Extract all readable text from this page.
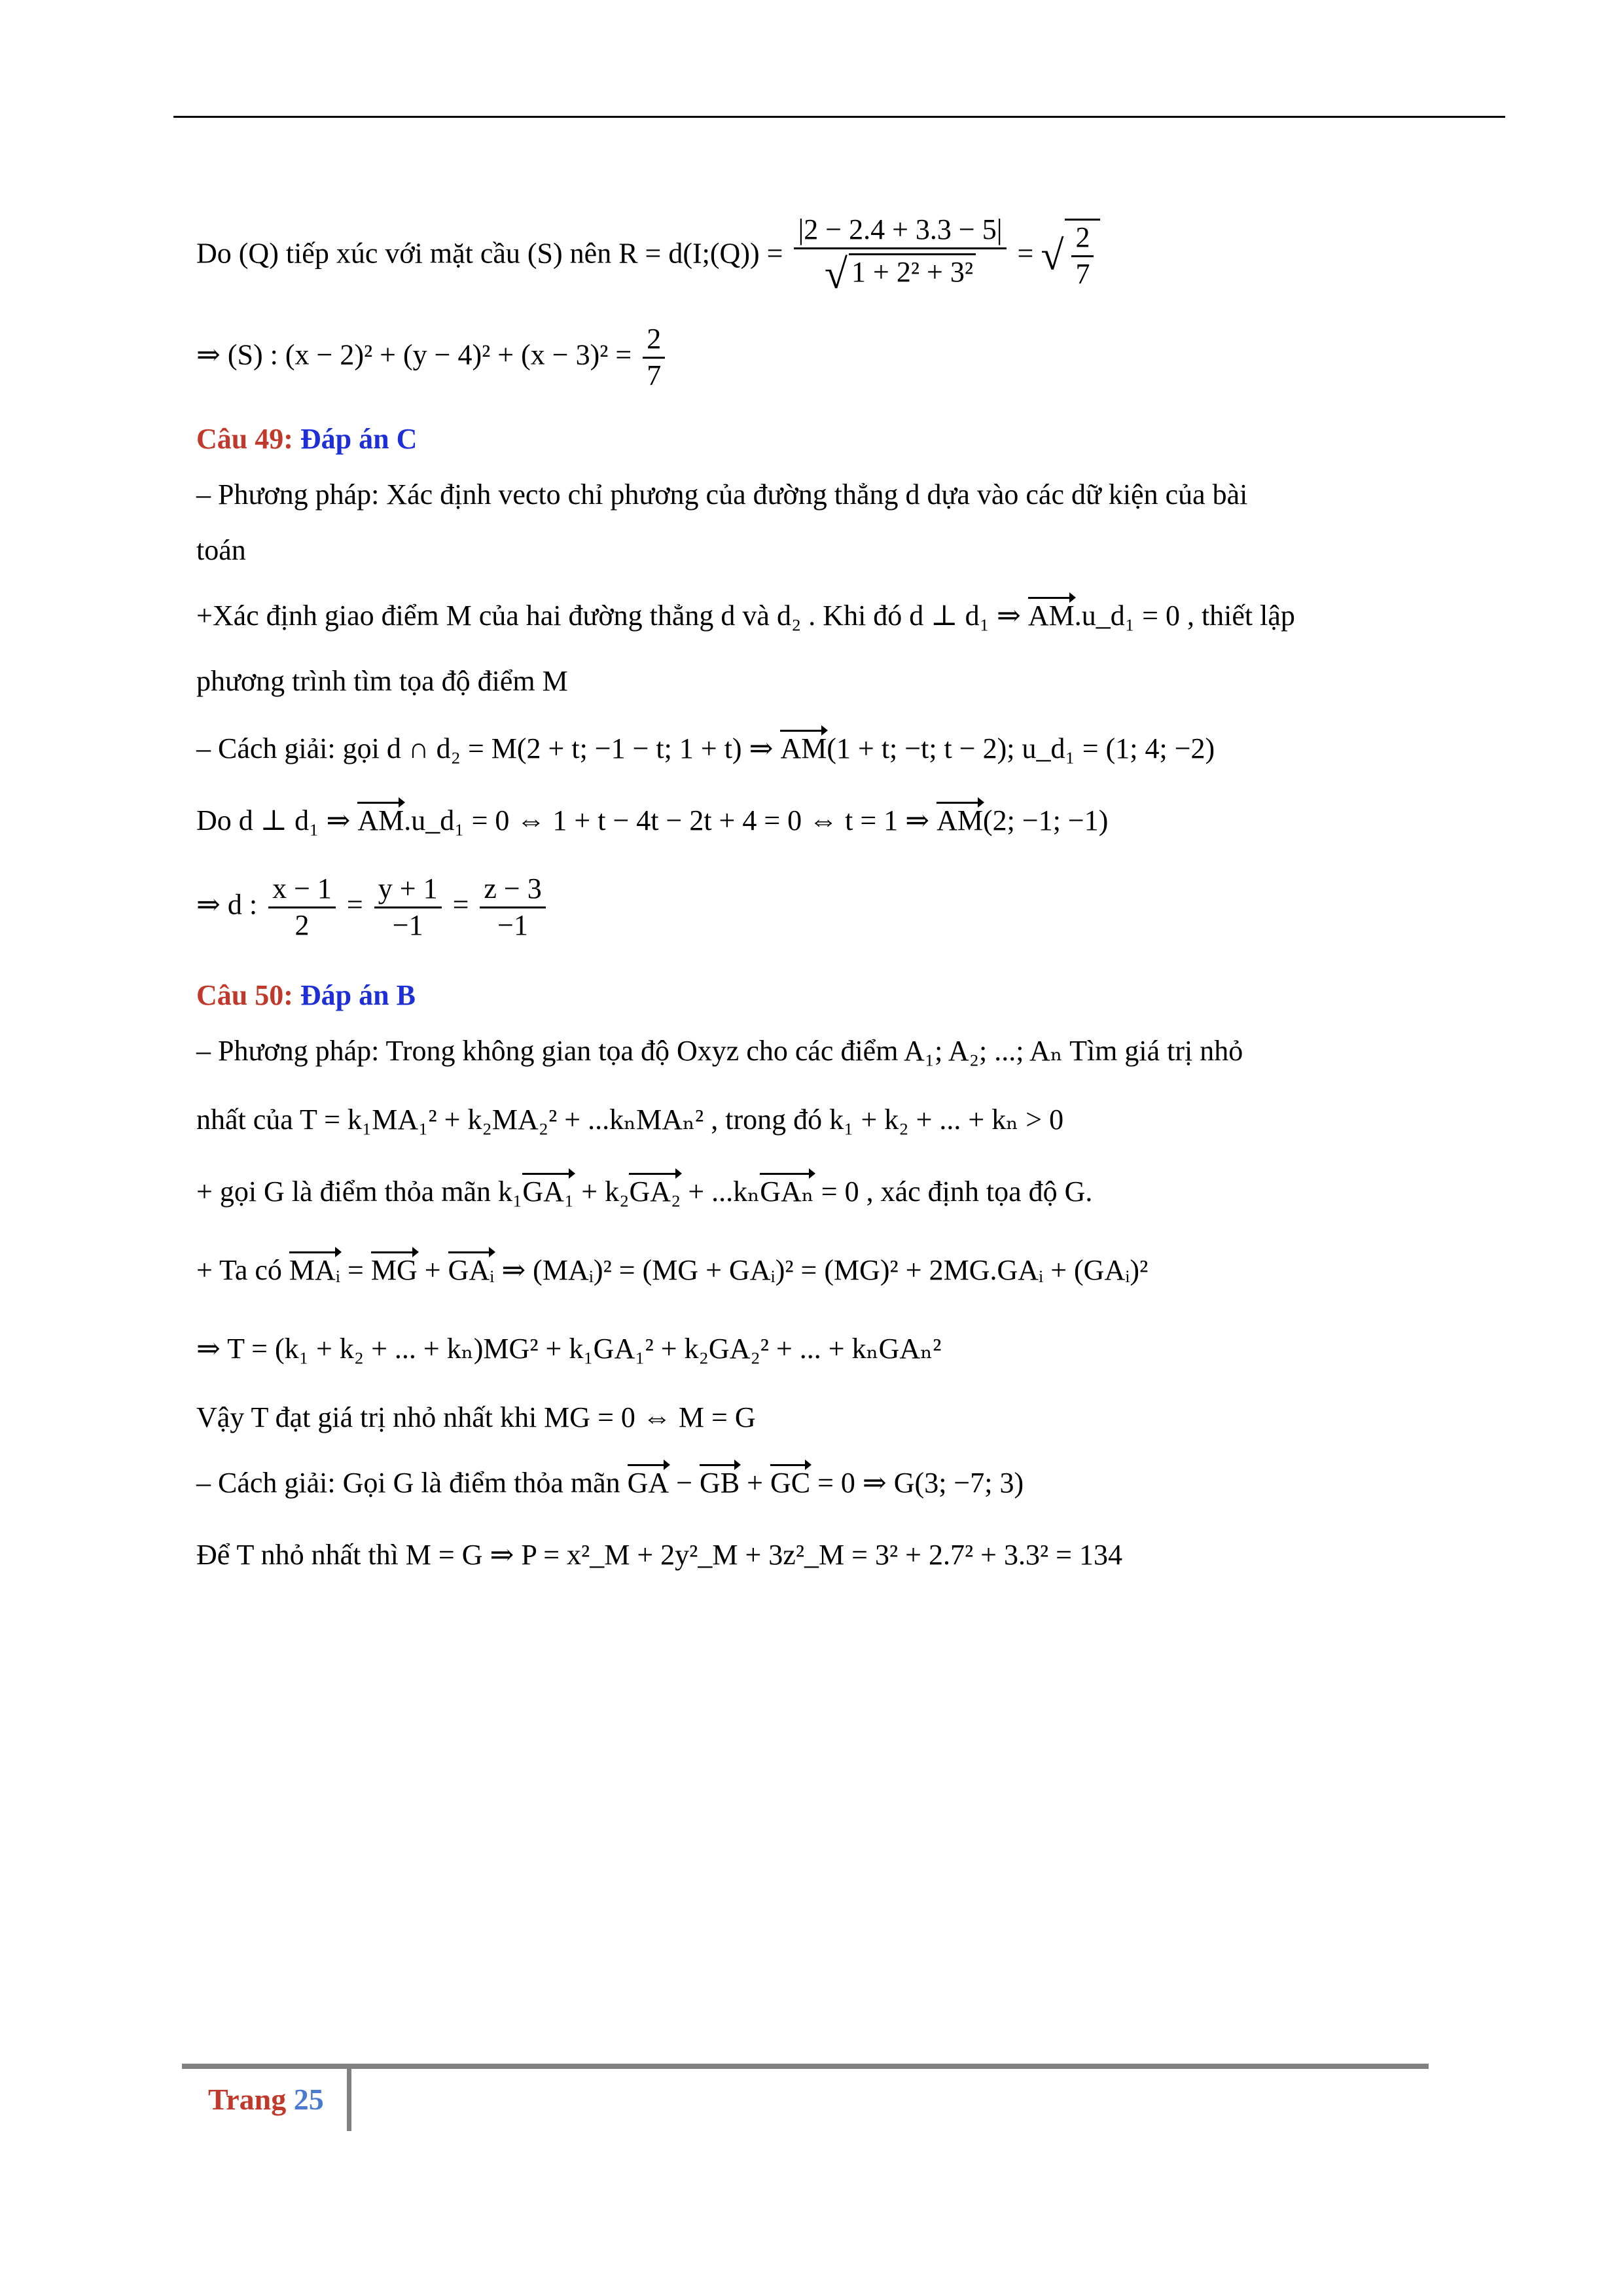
Do (Q) tiếp xúc với mặt cầu (S) nên R = d(I;(Q)) = $\frac{|2 - 2.4 + 3.3 - 5|}{\text{√ 1 + 2² + 3²}}$ = √ $\frac{2}{7}$
⇒ (S) : $(x - 2)^2 + (y - 4)^2 + (x - 3)^2 = \frac{2}{7}$
Câu 49: Đáp án C
– Phương pháp: Xác định vecto chỉ phương của đường thẳng d dựa vào các dữ kiện của bài
toán
+Xác định giao điểm M của hai đường thẳng d và d₂ . Khi đó d ⊥ d₁ ⇒ AM.u_d₁ = 0 , thiết lập
phương trình tìm tọa độ điểm M
– Cách giải: gọi d ∩ d₂ = M(2 + t; −1 − t; 1 + t) ⇒ AM(1 + t; −t; t − 2); u_d₁ = (1; 4; −2)
Do d ⊥ d₁ ⇒ AM.u_d₁ = 0 ⇔ 1 + t − 4t − 2t + 4 = 0 ⇔ t = 1 ⇒ AM(2; −1; −1)
⇒ d : $\frac{x - 1}{2} = \frac{y + 1}{-1} = \frac{z - 3}{-1}$
Câu 50: Đáp án B
– Phương pháp: Trong không gian tọa độ Oxyz cho các điểm A₁; A₂; ...; Aₙ Tìm giá trị nhỏ
nhất của T = k₁MA₁² + k₂MA₂² + ...kₙMAₙ² , trong đó k₁ + k₂ + ... + kₙ > 0
+ gọi G là điểm thỏa mãn k₁GA₁ + k₂GA₂ + ...kₙGAₙ = 0 , xác định tọa độ G.
+ Ta có MAᵢ = MG + GAᵢ ⇒ (MAᵢ)² = (MG + GAᵢ)² = (MG)² + 2MG.GAᵢ + (GAᵢ)²
⇒ T = (k₁ + k₂ + ... + kₙ)MG² + k₁GA₁² + k₂GA₂² + ... + kₙGAₙ²
Vậy T đạt giá trị nhỏ nhất khi MG = 0 ⇔ M = G
– Cách giải: Gọi G là điểm thỏa mãn GA − GB + GC = 0 ⇒ G(3; −7; 3)
Để T nhỏ nhất thì M = G ⇒ P = x²_M + 2y²_M + 3z²_M = 3² + 2.7² + 3.3² = 134
Trang 25
